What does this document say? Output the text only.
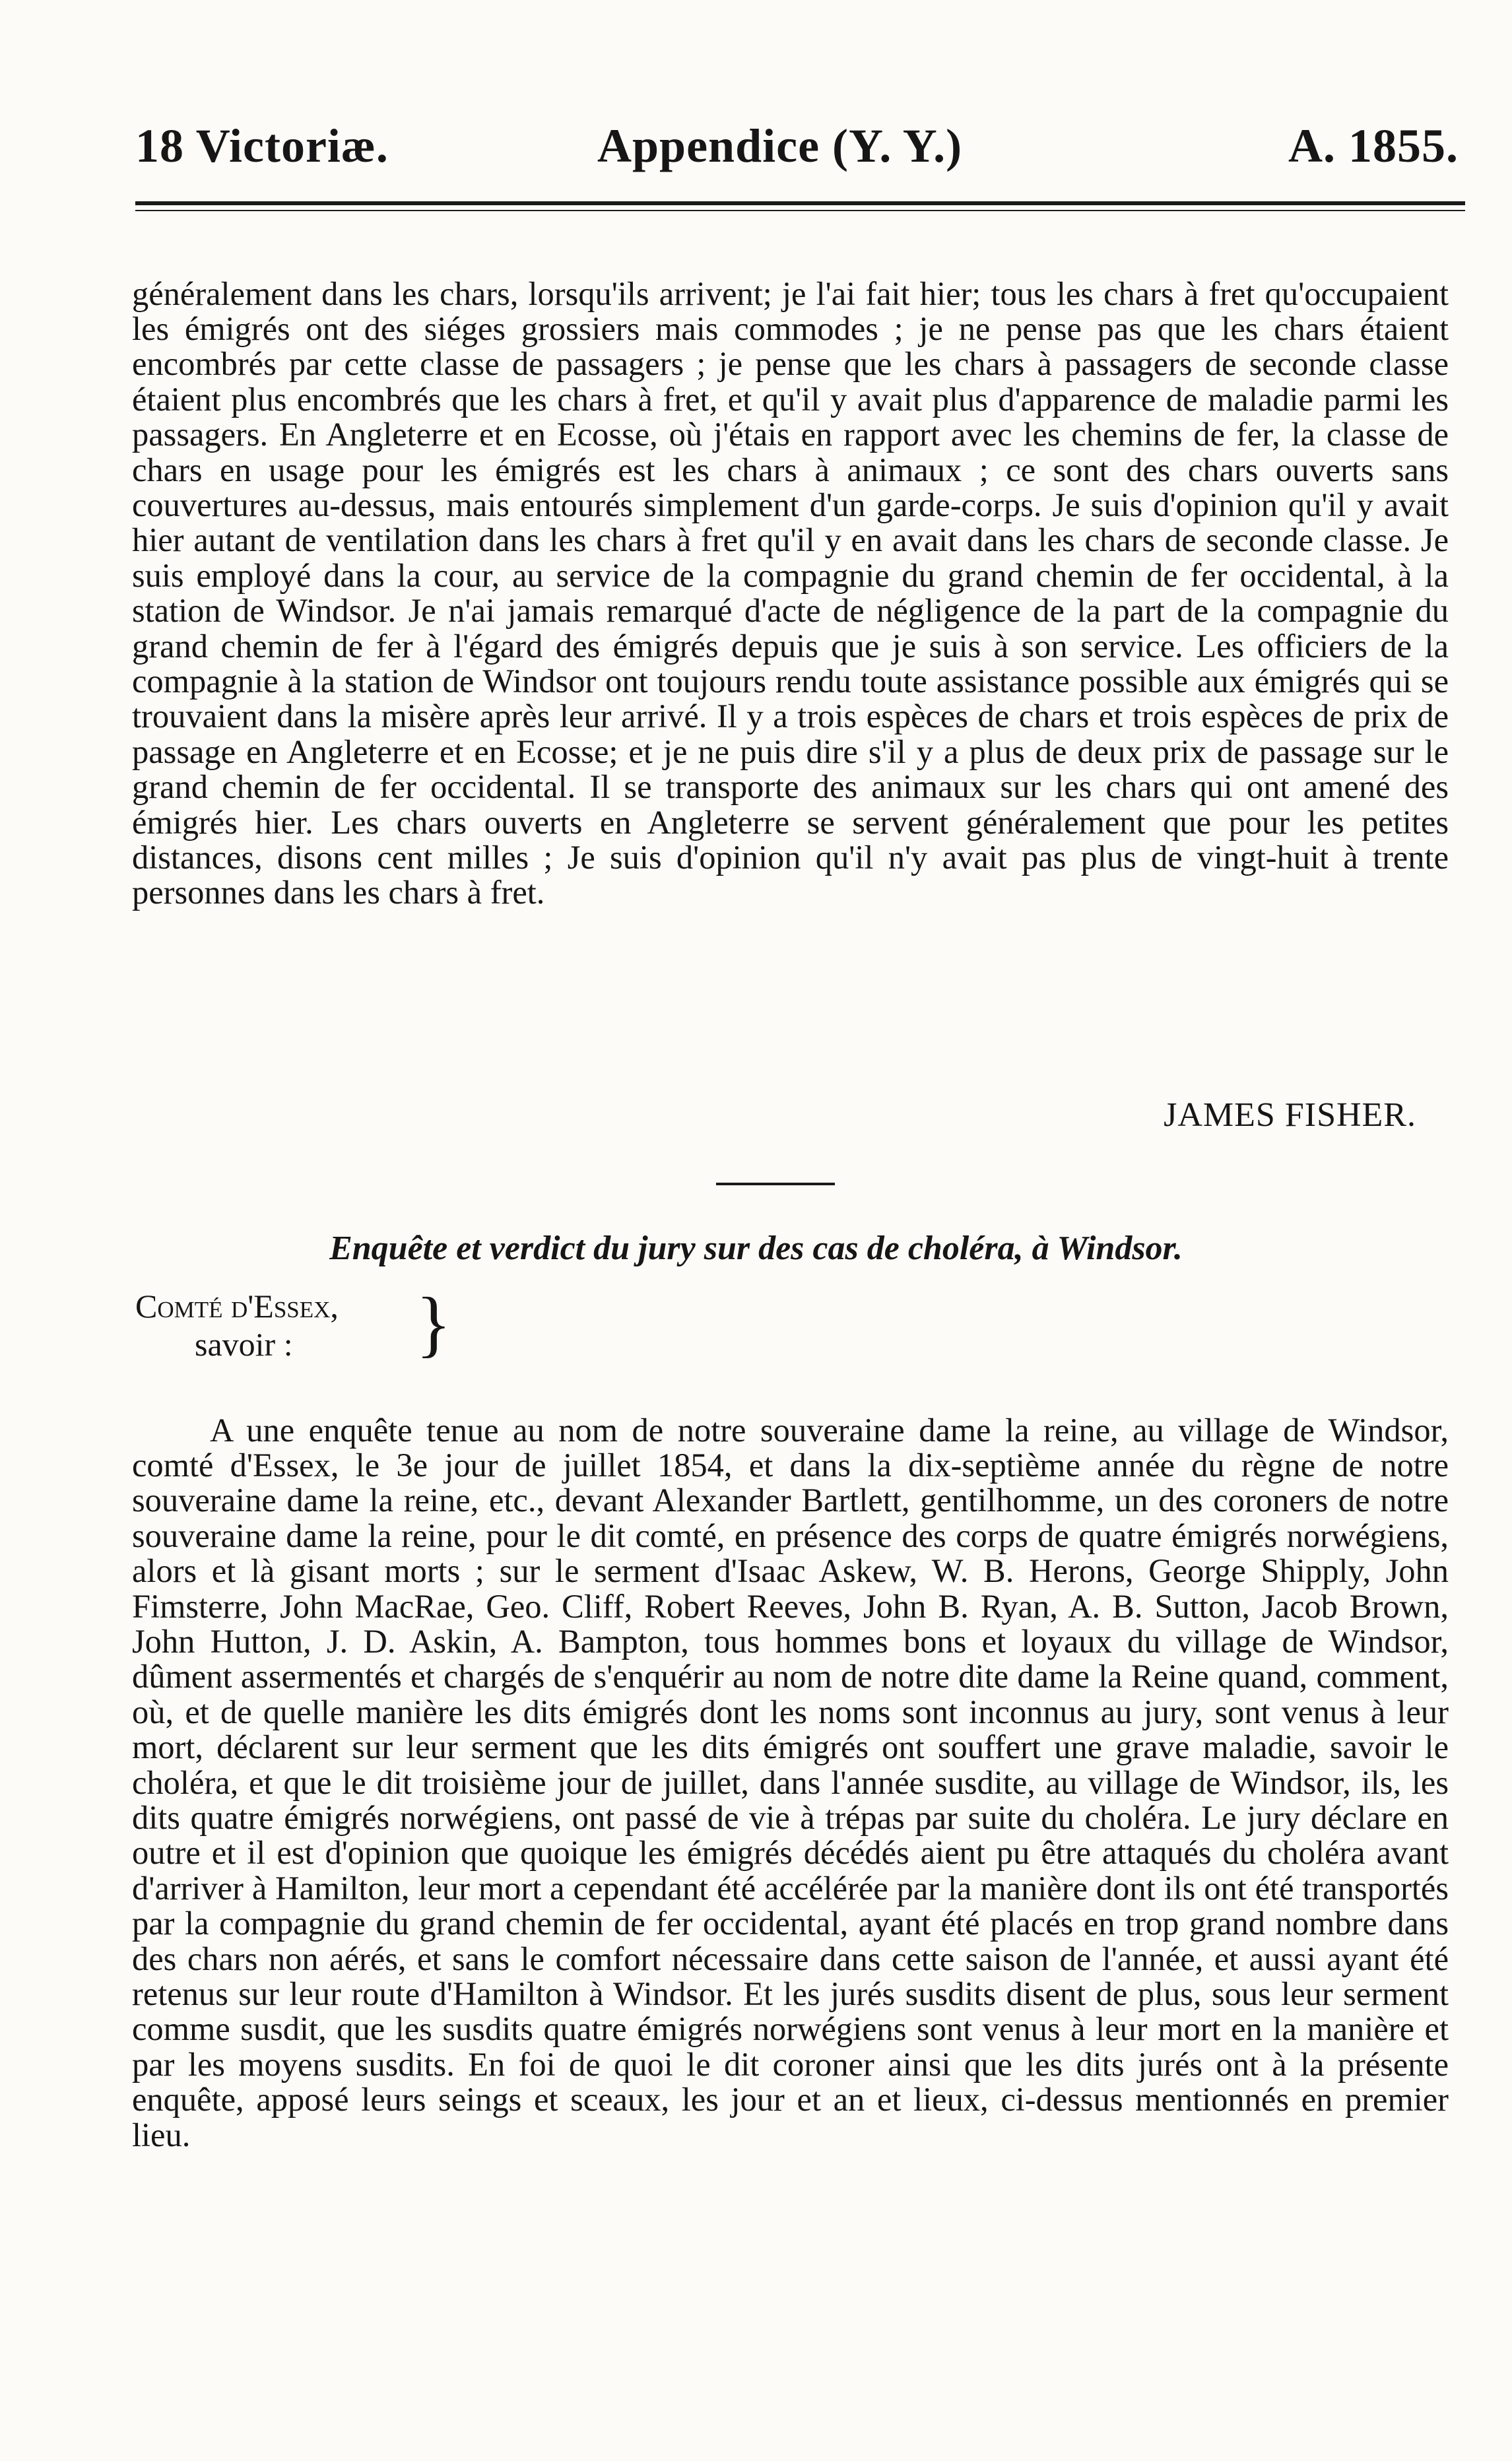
18 Victoriæ.	Appendice (Y. Y.)	A. 1855.

généralement dans les chars, lorsqu'ils arrivent; je l'ai fait hier; tous les chars à fret qu'occupaient les émigrés ont des siéges grossiers mais commodes ; je ne pense pas que les chars étaient encombrés par cette classe de passagers ; je pense que les chars à passagers de seconde classe étaient plus encombrés que les chars à fret, et qu'il y avait plus d'apparence de maladie parmi les passagers. En Angleterre et en Ecosse, où j'étais en rapport avec les chemins de fer, la classe de chars en usage pour les émigrés est les chars à animaux ; ce sont des chars ouverts sans couvertures au-dessus, mais entourés simplement d'un garde-corps. Je suis d'opinion qu'il y avait hier autant de ventilation dans les chars à fret qu'il y en avait dans les chars de seconde classe. Je suis employé dans la cour, au service de la compagnie du grand chemin de fer occidental, à la station de Windsor. Je n'ai jamais remarqué d'acte de négligence de la part de la compagnie du grand chemin de fer à l'égard des émigrés depuis que je suis à son service. Les officiers de la compagnie à la station de Windsor ont toujours rendu toute assistance possible aux émigrés qui se trouvaient dans la misère après leur arrivé. Il y a trois espèces de chars et trois espèces de prix de passage en Angleterre et en Ecosse; et je ne puis dire s'il y a plus de deux prix de passage sur le grand chemin de fer occidental. Il se transporte des animaux sur les chars qui ont amené des émigrés hier. Les chars ouverts en Angleterre se servent généralement que pour les petites distances, disons cent milles ; Je suis d'opinion qu'il n'y avait pas plus de vingt-huit à trente personnes dans les chars à fret.

JAMES FISHER.
Enquête et verdict du jury sur des cas de choléra, à Windsor.
Comté d'Essex,
savoir :	}

A une enquête tenue au nom de notre souveraine dame la reine, au village de Windsor, comté d'Essex, le 3e jour de juillet 1854, et dans la dix-septième année du règne de notre souveraine dame la reine, etc., devant Alexander Bartlett, gentilhomme, un des coroners de notre souveraine dame la reine, pour le dit comté, en présence des corps de quatre émigrés norwégiens, alors et là gisant morts ; sur le serment d'Isaac Askew, W. B. Herons, George Shipply, John Fimsterre, John MacRae, Geo. Cliff, Robert Reeves, John B. Ryan, A. B. Sutton, Jacob Brown, John Hutton, J. D. Askin, A. Bampton, tous hommes bons et loyaux du village de Windsor, dûment assermentés et chargés de s'enquérir au nom de notre dite dame la Reine quand, comment, où, et de quelle manière les dits émigrés dont les noms sont inconnus au jury, sont venus à leur mort, déclarent sur leur serment que les dits émigrés ont souffert une grave maladie, savoir le choléra, et que le dit troisième jour de juillet, dans l'année susdite, au village de Windsor, ils, les dits quatre émigrés norwégiens, ont passé de vie à trépas par suite du choléra. Le jury déclare en outre et il est d'opinion que quoique les émigrés décédés aient pu être attaqués du choléra avant d'arriver à Hamilton, leur mort a cependant été accélérée par la manière dont ils ont été transportés par la compagnie du grand chemin de fer occidental, ayant été placés en trop grand nombre dans des chars non aérés, et sans le comfort nécessaire dans cette saison de l'année, et aussi ayant été retenus sur leur route d'Hamilton à Windsor. Et les jurés susdits disent de plus, sous leur serment comme susdit, que les susdits quatre émigrés norwégiens sont venus à leur mort en la manière et par les moyens susdits. En foi de quoi le dit coroner ainsi que les dits jurés ont à la présente enquête, apposé leurs seings et sceaux, les jour et an et lieux, ci-dessus mentionnés en premier lieu.
